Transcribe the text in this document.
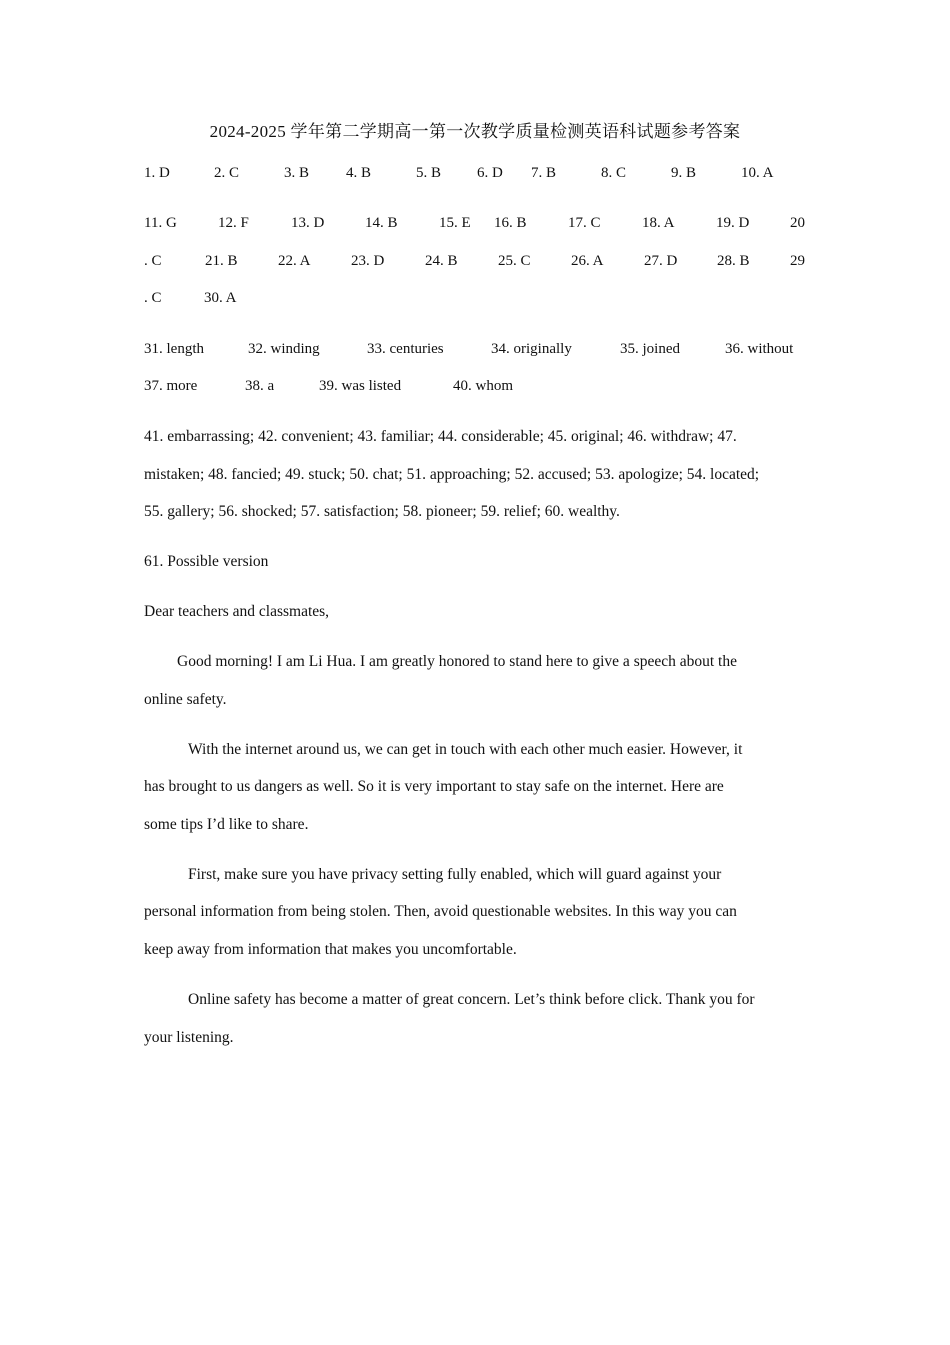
2024-2025 学年第二学期高一第一次教学质量检测英语科试题参考答案
1. D	2. C	3. B 4. B	5. B 6. D 7. B	8. C	9. B	10. A
11. G	12. F	13. D	14. B	15. E 16. B	17. C	18. A	19. D	20
. C	21. B	22. A	23. D	24. B	25. C	26. A	27. D	28. B	29
. C	30. A
31. length	32. winding	33. centuries	34. originally	35. joined	36. without
37. more	38. a	39. was listed	40. whom
41. embarrassing; 42. convenient; 43. familiar; 44. considerable; 45. original; 46. withdraw; 47.
mistaken; 48. fancied; 49. stuck; 50. chat; 51. approaching; 52. accused; 53. apologize; 54. located;
55. gallery; 56. shocked; 57. satisfaction; 58. pioneer; 59. relief; 60. wealthy.
61. Possible version
Dear teachers and classmates,
Good morning! I am Li Hua. I am greatly honored to stand here to give a speech about the
online safety.
With the internet around us, we can get in touch with each other much easier. However, it
has brought to us dangers as well. So it is very important to stay safe on the internet. Here are
some tips I’d like to share.
First, make sure you have privacy setting fully enabled, which will guard against your
personal information from being stolen. Then, avoid questionable websites. In this way you can
keep away from information that makes you uncomfortable.
Online safety has become a matter of great concern. Let’s think before click. Thank you for
your listening.
